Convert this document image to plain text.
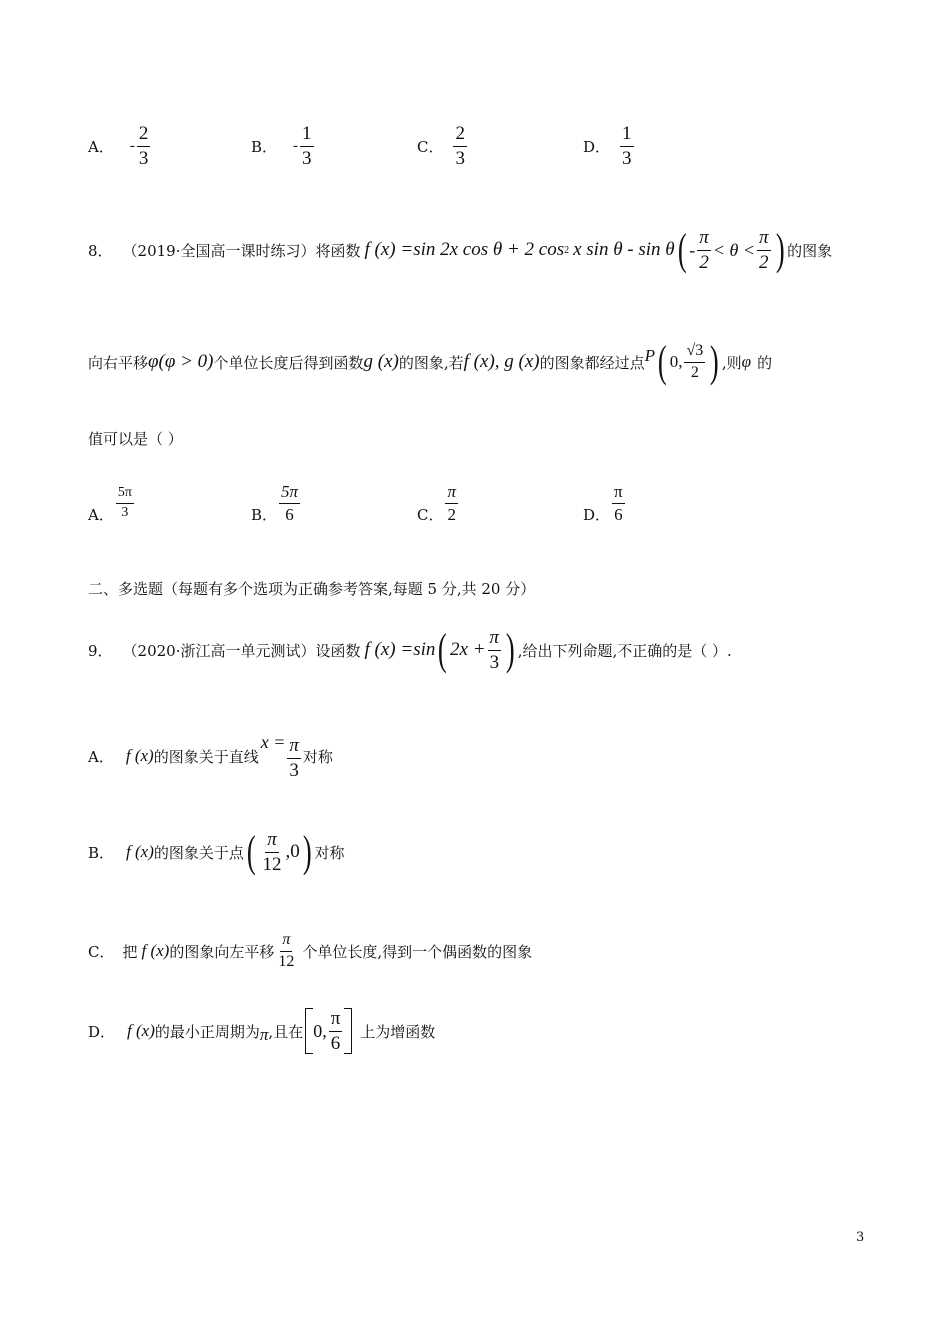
A． - $\frac{2}{3}$	B． - $\frac{1}{3}$	C． $\frac{2}{3}$	D． $\frac{1}{3}$
8． （2019·全国高一课时练习）将函数 f (x) =sin 2x cos θ + 2 cos 2 x sin θ - sin θ ( - $\frac{\pi}{2} < \theta < \frac{\pi}{2}$ ) 的图象
向右平移 φ(φ > 0) 个单位长度后得到函数 g (x) 的图象,若 f (x), g (x) 的图象都经过点 P ( 0, $\frac{√3}{2}$ ) ,则 φ 的
值可以是（ ）
A． $\frac{5\pi}{3}$	B． $\frac{5\pi}{6}$	C． $\frac{\pi}{2}$	D． $\frac{\pi}{6}$
二、多选题（每题有多个选项为正确参考答案,每题 5 分,共 20 分）
9． （2020·浙江高一单元测试）设函数 f (x) =sin ( $2x + \frac{\pi}{3}$ ) ,给出下列命题,不正确的是（ ）.
A． f (x) 的图象关于直线
$x = \frac{\pi}{3}$ 对称
B． f (x) 的图象关于点 ( $\frac{\pi}{12} ,0$ ) 对称
C． 把 f (x) 的图象向左平移 $\frac{\pi}{12}$ 个单位长度,得到一个偶函数的图象
D． f (x) 的最小正周期为 π ,且在 0, $\frac{\pi}{6}$ 上为增函数
3
